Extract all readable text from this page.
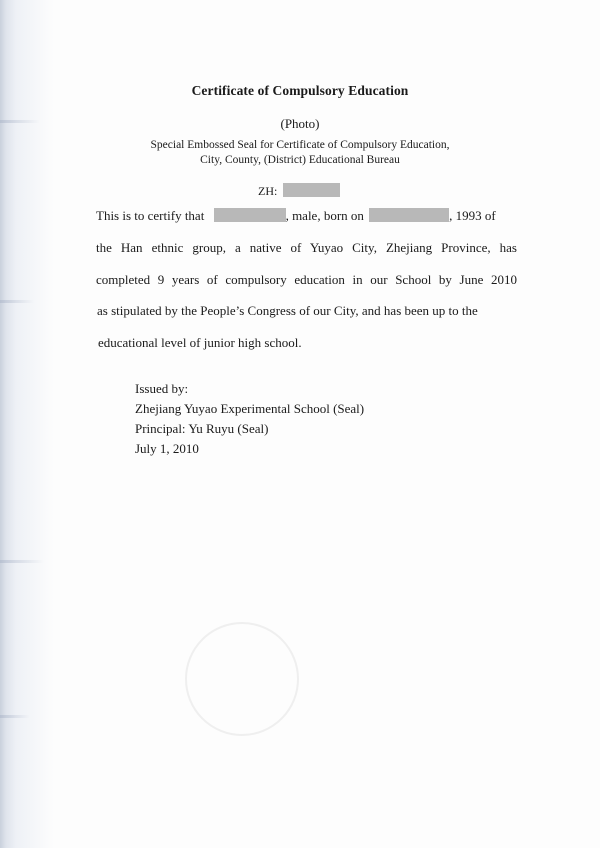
Certificate of Compulsory Education
(Photo)
Special Embossed Seal for Certificate of Compulsory Education,
City, County, (District) Educational Bureau
ZH:
This is to certify that	, male, born on	, 1993 of
the Han ethnic group, a native of Yuyao City, Zhejiang Province, has
completed 9 years of compulsory education in our School by June 2010
as stipulated by the People’s Congress of our City, and has been up to the
educational level of junior high school.
Issued by:
Zhejiang Yuyao Experimental School (Seal)
Principal: Yu Ruyu (Seal)
July 1, 2010
